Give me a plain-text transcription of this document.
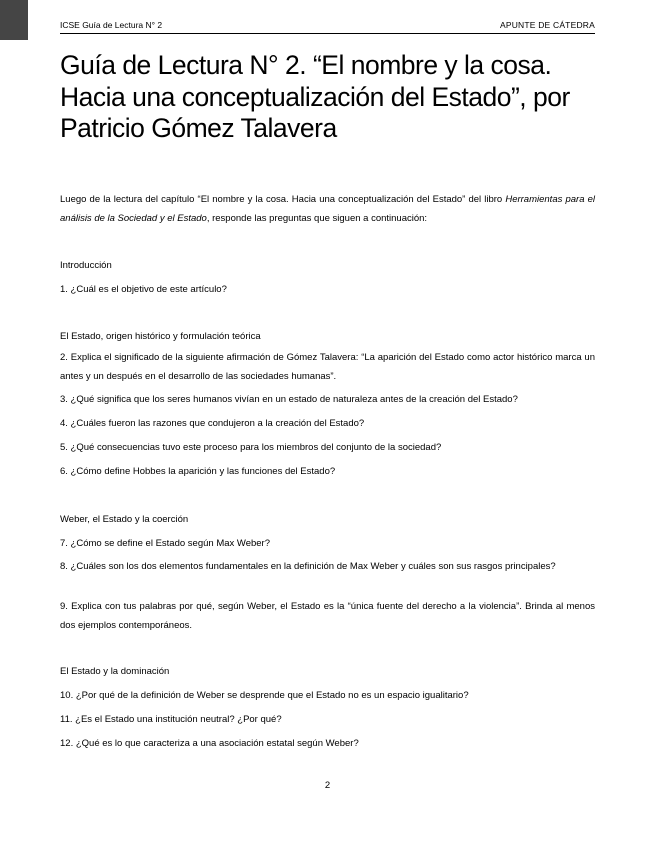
ICSE Guía de Lectura N° 2	APUNTE DE CÁTEDRA
Guía de Lectura N° 2. “El nombre y la cosa. Hacia una conceptualización del Estado”, por Patricio Gómez Talavera

Luego de la lectura del capítulo “El nombre y la cosa. Hacia una conceptualización del Estado” del libro Herramientas para el análisis de la Sociedad y el Estado, responde las preguntas que siguen a continuación:

Introducción

1. ¿Cuál es el objetivo de este artículo?

El Estado, origen histórico y formulación teórica

2. Explica el significado de la siguiente afirmación de Gómez Talavera: “La aparición del Estado como actor histórico marca un antes y un después en el desarrollo de las sociedades humanas”.

3. ¿Qué significa que los seres humanos vivían en un estado de naturaleza antes de la creación del Estado?

4. ¿Cuáles fueron las razones que condujeron a la creación del Estado?

5. ¿Qué consecuencias tuvo este proceso para los miembros del conjunto de la sociedad?

6. ¿Cómo define Hobbes la aparición y las funciones del Estado?

Weber, el Estado y la coerción

7. ¿Cómo se define el Estado según Max Weber?

8. ¿Cuáles son los dos elementos fundamentales en la definición de Max Weber y cuáles son sus rasgos principales?

9. Explica con tus palabras por qué, según Weber, el Estado es la “única fuente del derecho a la violencia”. Brinda al menos dos ejemplos contemporáneos.

El Estado y la dominación

10. ¿Por qué de la definición de Weber se desprende que el Estado no es un espacio igualitario?

11. ¿Es el Estado una institución neutral? ¿Por qué?

12. ¿Qué es lo que caracteriza a una asociación estatal según Weber?

2
